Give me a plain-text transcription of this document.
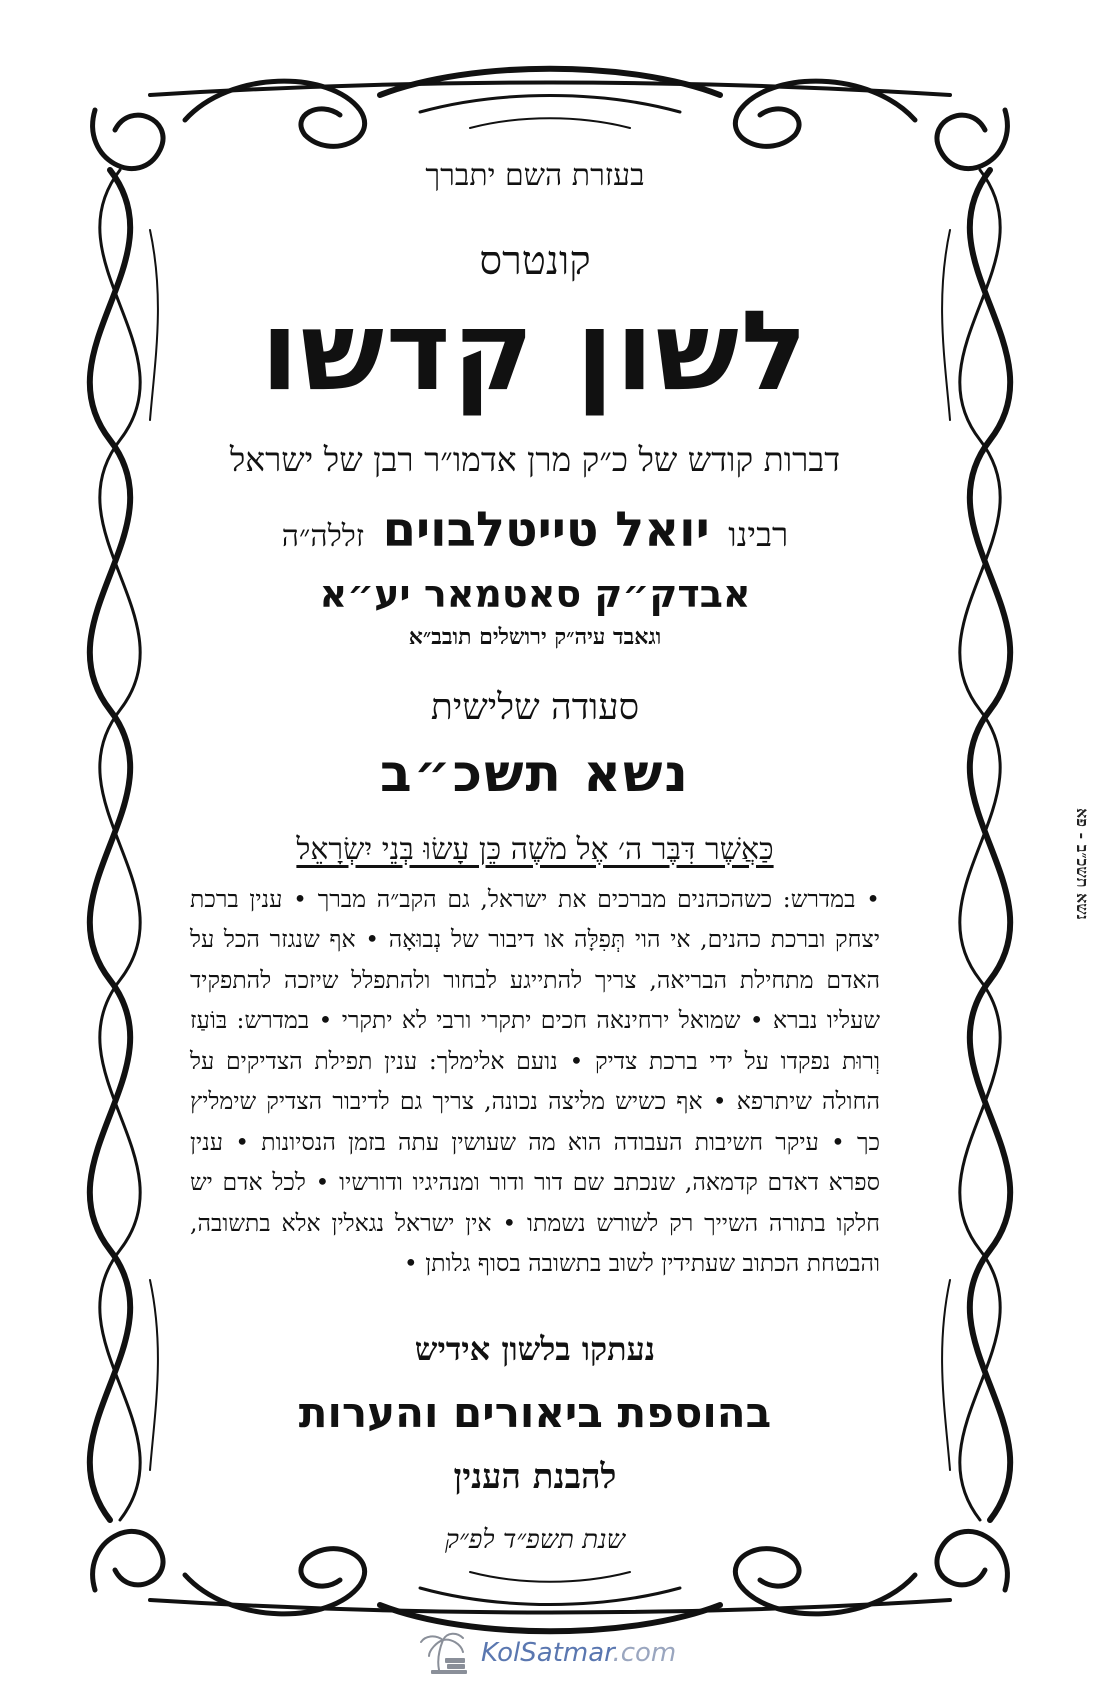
בעזרת השם יתברך

קונטרס

לשון קדשו

דברות קודש של כ״ק מרן אדמו״ר רבן של ישראל

רבינו יואל טייטלבוים זללה״ה

אבדק״ק סאטמאר יע״א

וגאבד עיה״ק ירושלים תובב״א

סעודה שלישית

נשא תשכ״ב

כַּאֲשֶׁר דִּבֶּר ה׳ אֶל מֹשֶׁה כֵּן עָשׂוּ בְּנֵי יִשְׂרָאֵל

• במדרש: כשהכהנים מברכים את ישראל, גם הקב״ה מברך • ענין ברכת יצחק וברכת כהנים, אי הוי תְּפִלָּה או דיבור של נְבוּאָה • אף שנגזר הכל על האדם מתחילת הבריאה, צריך להתייגע לבחור ולהתפלל שיזכה להתפקיד שעליו נברא • שמואל ירחינאה חכים יתקרי ורבי לא יתקרי • במדרש: בּוֹעַז וְרוּת נפקדו על ידי ברכת צדיק • נועם אלימלך: ענין תפילת הצדיקים על החולה שיתרפא • אף כשיש מליצה נכונה, צריך גם לדיבור הצדיק שימליץ כך • עיקר חשיבות העבודה הוא מה שעושין עתה בזמן הנסיונות • ענין ספרא דאדם קדמאה, שנכתב שם דור ודור ומנהיגיו ודורשיו • לכל אדם יש חלקו בתורה השייך רק לשורש נשמתו • אין ישראל נגאלין אלא בתשובה, והבטחת הכתוב שעתידין לשוב בתשובה בסוף גלותן •

נעתקו בלשון אידיש

בהוספת ביאורים והערות

להבנת הענין

שנת תשפ״ד לפ״ק

נשא תשכ״ב - פא
KolSatmar.com
